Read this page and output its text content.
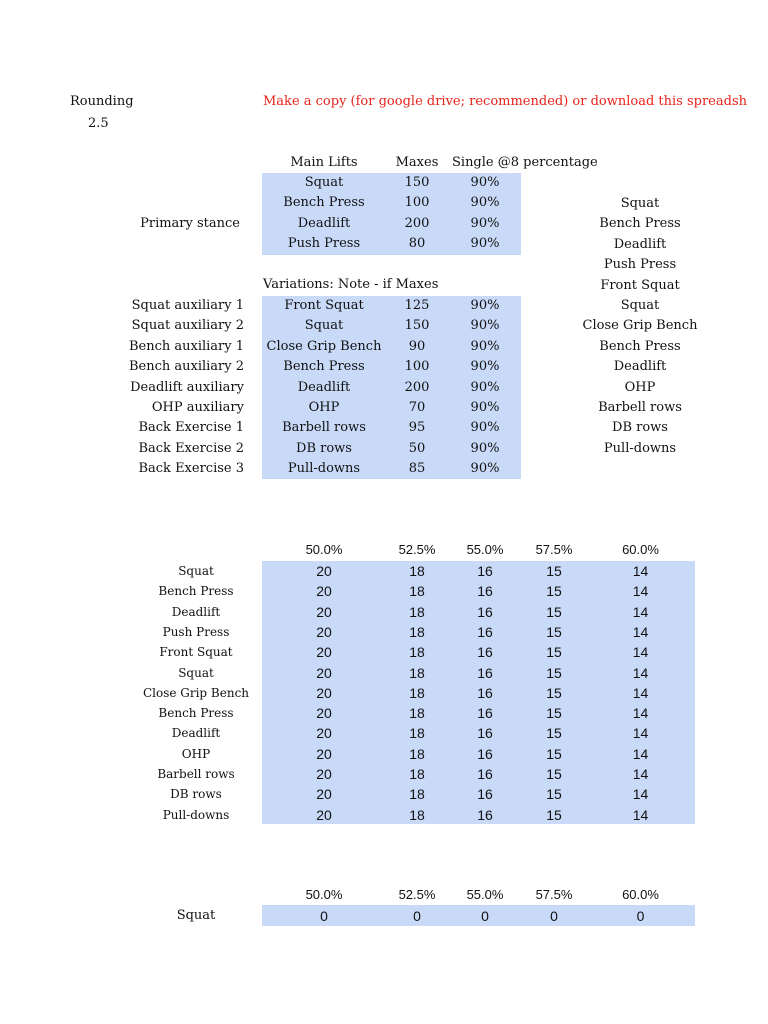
Rounding
2.5
Make a copy (for google drive; recommended) or download this spreadsh
Main Lifts	Maxes	Single @8 percentage
Primary stance
Squat	150	90%
Bench Press	100	90%
Deadlift	200	90%
Push Press	80	90%
Variations: Note - if Maxes
Squat auxiliary 1	Front Squat	125	90%
Squat auxiliary 2	Squat	150	90%
Bench auxiliary 1	Close Grip Bench	90	90%
Bench auxiliary 2	Bench Press	100	90%
Deadlift auxiliary	Deadlift	200	90%
OHP auxiliary	OHP	70	90%
Back Exercise 1	Barbell rows	95	90%
Back Exercise 2	DB rows	50	90%
Back Exercise 3	Pull-downs	85	90%
Squat
Bench Press
Deadlift
Push Press
Front Squat
Squat
Close Grip Bench
Bench Press
Deadlift
OHP
Barbell rows
DB rows
Pull-downs
50.0%	52.5%	55.0%	57.5%	60.0%
Squat	20	18	16	15	14
Bench Press	20	18	16	15	14
Deadlift	20	18	16	15	14
Push Press	20	18	16	15	14
Front Squat	20	18	16	15	14
Squat	20	18	16	15	14
Close Grip Bench	20	18	16	15	14
Bench Press	20	18	16	15	14
Deadlift	20	18	16	15	14
OHP	20	18	16	15	14
Barbell rows	20	18	16	15	14
DB rows	20	18	16	15	14
Pull-downs	20	18	16	15	14
50.0%	52.5%	55.0%	57.5%	60.0%
Squat	0	0	0	0	0
